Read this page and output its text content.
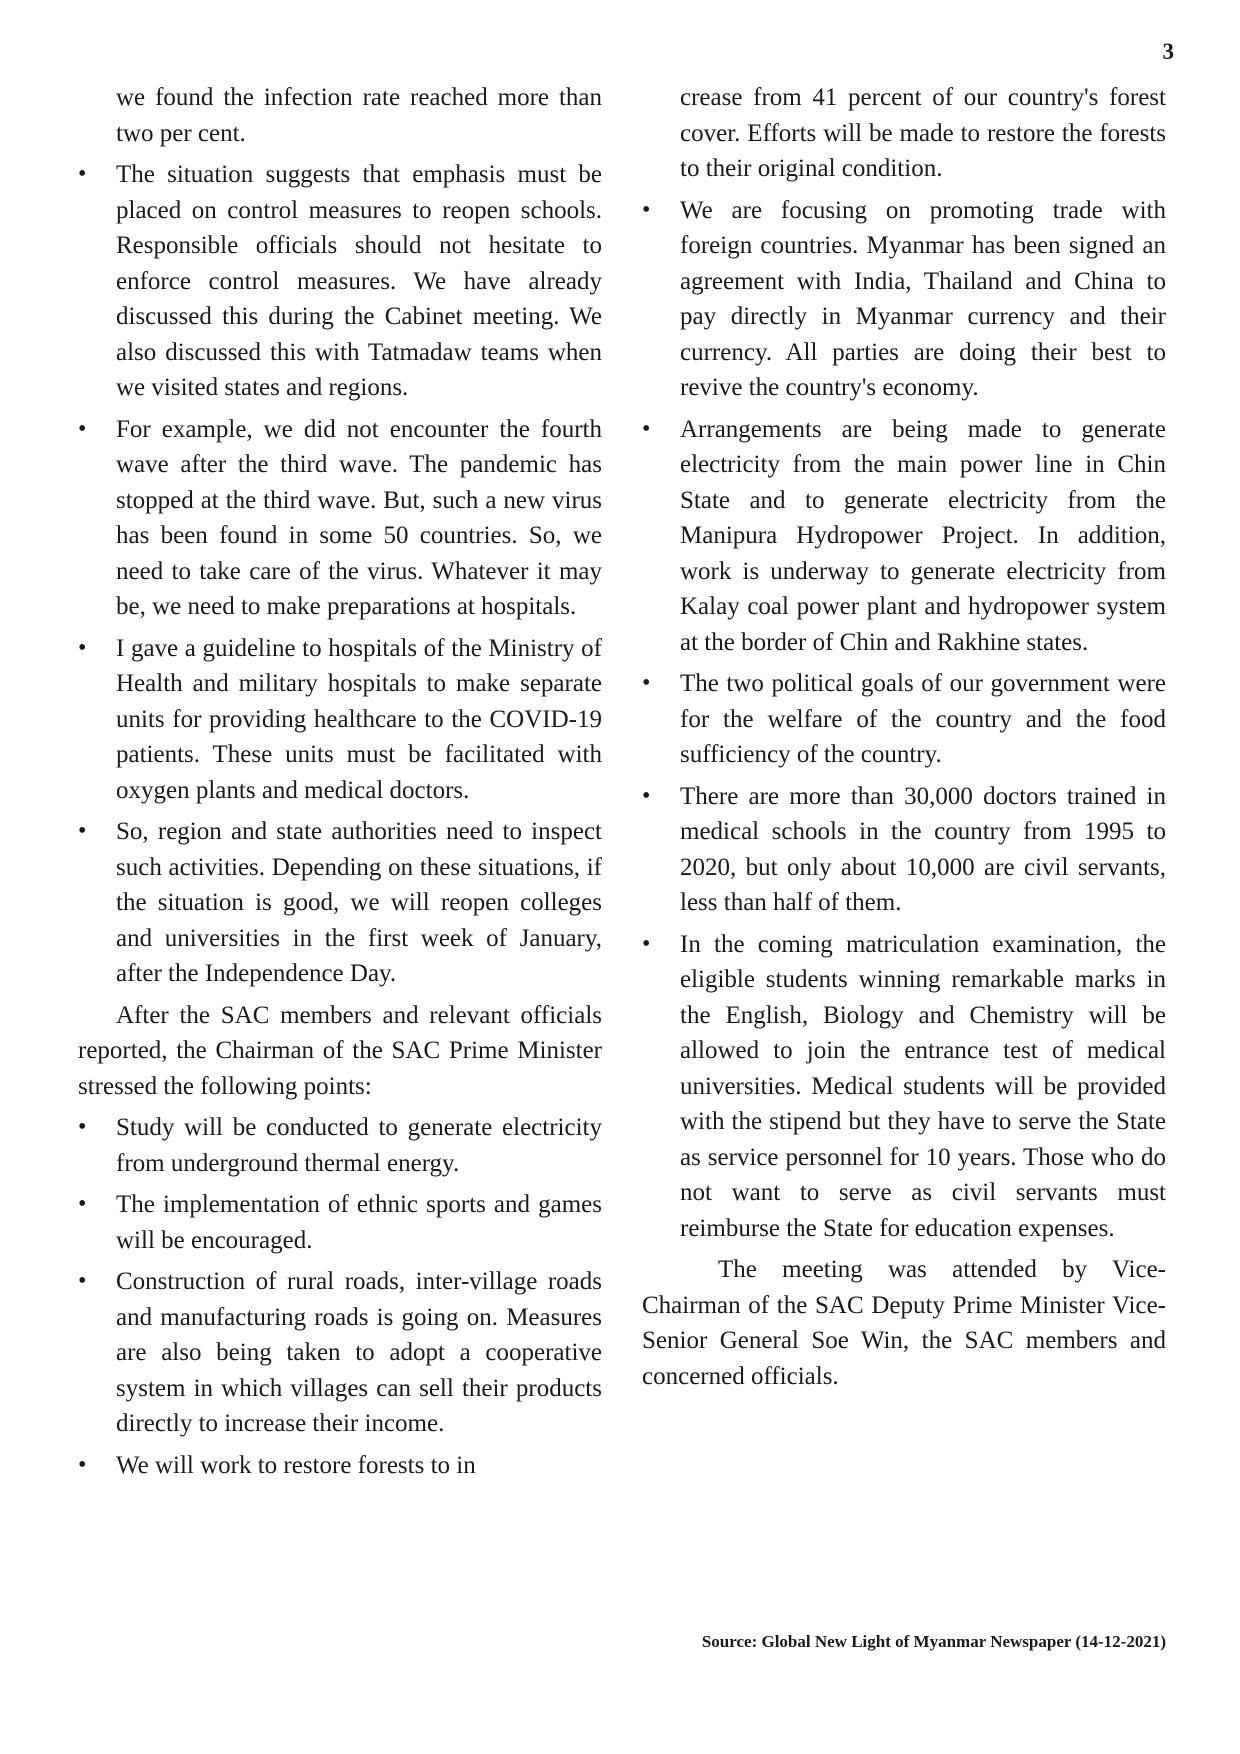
3

we found the infection rate reached more than two per cent.

• The situation suggests that emphasis must be placed on control measures to reopen schools. Responsible officials should not hesitate to enforce control measures. We have already discussed this during the Cabinet meeting. We also discussed this with Tatmadaw teams when we visited states and regions.
• For example, we did not encounter the fourth wave after the third wave. The pandemic has stopped at the third wave. But, such a new virus has been found in some 50 countries. So, we need to take care of the virus. Whatever it may be, we need to make preparations at hospitals.
• I gave a guideline to hospitals of the Ministry of Health and military hospitals to make separate units for providing healthcare to the COVID-19 patients. These units must be facilitated with oxygen plants and medical doctors.
• So, region and state authorities need to inspect such activities. Depending on these situations, if the situation is good, we will reopen colleges and universities in the first week of January, after the Independence Day.

After the SAC members and relevant officials reported, the Chairman of the SAC Prime Minister stressed the following points:

• Study will be conducted to generate electricity from underground thermal energy.
• The implementation of ethnic sports and games will be encouraged.
• Construction of rural roads, inter-village roads and manufacturing roads is going on. Measures are also being taken to adopt a cooperative system in which villages can sell their products directly to increase their income.
• We will work to restore forests to in

crease from 41 percent of our country's forest cover. Efforts will be made to restore the forests to their original condition.

• We are focusing on promoting trade with foreign countries. Myanmar has been signed an agreement with India, Thailand and China to pay directly in Myanmar currency and their currency. All parties are doing their best to revive the country's economy.
• Arrangements are being made to generate electricity from the main power line in Chin State and to generate electricity from the Manipura Hydropower Project. In addition, work is underway to generate electricity from Kalay coal power plant and hydropower system at the border of Chin and Rakhine states.
• The two political goals of our government were for the welfare of the country and the food sufficiency of the country.
• There are more than 30,000 doctors trained in medical schools in the country from 1995 to 2020, but only about 10,000 are civil servants, less than half of them.
• In the coming matriculation examination, the eligible students winning remarkable marks in the English, Biology and Chemistry will be allowed to join the entrance test of medical universities. Medical students will be provided with the stipend but they have to serve the State as service personnel for 10 years. Those who do not want to serve as civil servants must reimburse the State for education expenses.

The meeting was attended by Vice-Chairman of the SAC Deputy Prime Minister Vice-Senior General Soe Win, the SAC members and concerned officials.

Source: Global New Light of Myanmar Newspaper (14-12-2021)
